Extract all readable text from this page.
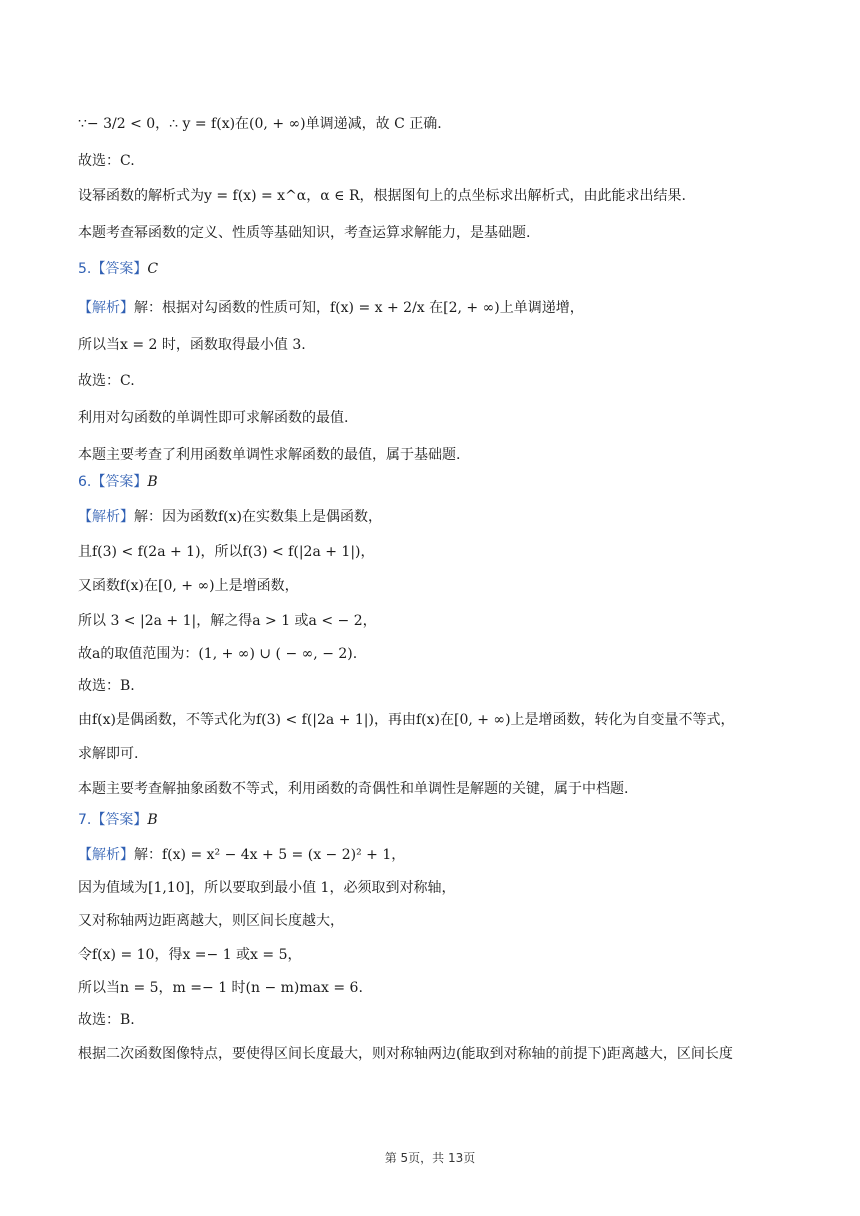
∵− 3/2 < 0，∴ y = f(x)在(0, + ∞)单调递减，故 C 正确.
故选：C.
设幂函数的解析式为y = f(x) = x^α，α ∈ R，根据图旬上的点坐标求出解析式，由此能求出结果.
本题考查幂函数的定义、性质等基础知识，考查运算求解能力，是基础题.
5.【答案】C
【解析】解：根据对勾函数的性质可知，f(x) = x + 2/x 在[2, + ∞)上单调递增，
所以当x = 2 时，函数取得最小值 3.
故选：C.
利用对勾函数的单调性即可求解函数的最值.
本题主要考查了利用函数单调性求解函数的最值，属于基础题.
6.【答案】B
【解析】解：因为函数f(x)在实数集上是偶函数，
且f(3) < f(2a + 1)，所以f(3) < f(|2a + 1|)，
又函数f(x)在[0, + ∞)上是增函数，
所以 3 < |2a + 1|，解之得a > 1 或a < − 2，
故a的取值范围为：(1, + ∞) ∪ ( − ∞, − 2).
故选：B.
由f(x)是偶函数，不等式化为f(3) < f(|2a + 1|)，再由f(x)在[0, + ∞)上是增函数，转化为自变量不等式，
求解即可.
本题主要考查解抽象函数不等式，利用函数的奇偶性和单调性是解题的关键，属于中档题.
7.【答案】B
【解析】解：f(x) = x² − 4x + 5 = (x − 2)² + 1，
因为值域为[1,10]，所以要取到最小值 1，必须取到对称轴，
又对称轴两边距离越大，则区间长度越大，
令f(x) = 10，得x =− 1 或x = 5，
所以当n = 5，m =− 1 时(n − m)max = 6.
故选：B.
根据二次函数图像特点，要使得区间长度最大，则对称轴两边(能取到对称轴的前提下)距离越大，区间长度
第 5页，共 13页
